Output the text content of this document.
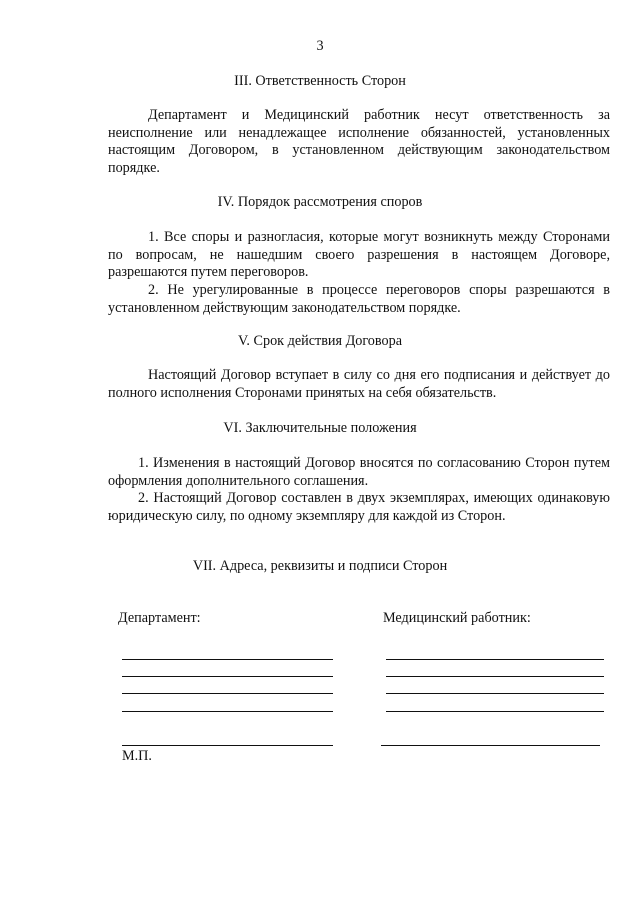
3
III. Ответственность Сторон

Департамент и Медицинский работник несут ответственность за неисполнение или ненадлежащее исполнение обязанностей, установленных настоящим Договором, в установленном действующим законодательством порядке.

IV. Порядок рассмотрения споров

1. Все споры и разногласия, которые могут возникнуть между Сторонами по вопросам, не нашедшим своего разрешения в настоящем Договоре, разрешаются путем переговоров.

2. Не урегулированные в процессе переговоров споры разрешаются в установленном действующим законодательством порядке.

V. Срок действия Договора

Настоящий Договор вступает в силу со дня его подписания и действует до полного исполнения Сторонами принятых на себя обязательств.

VI. Заключительные положения

1. Изменения в настоящий Договор вносятся по согласованию Сторон путем оформления дополнительного соглашения.

2. Настоящий Договор составлен в двух экземплярах, имеющих одинаковую юридическую силу, по одному экземпляру для каждой из Сторон.

VII. Адреса, реквизиты и подписи Сторон
Департамент:	Медицинский работник:
М.П.
